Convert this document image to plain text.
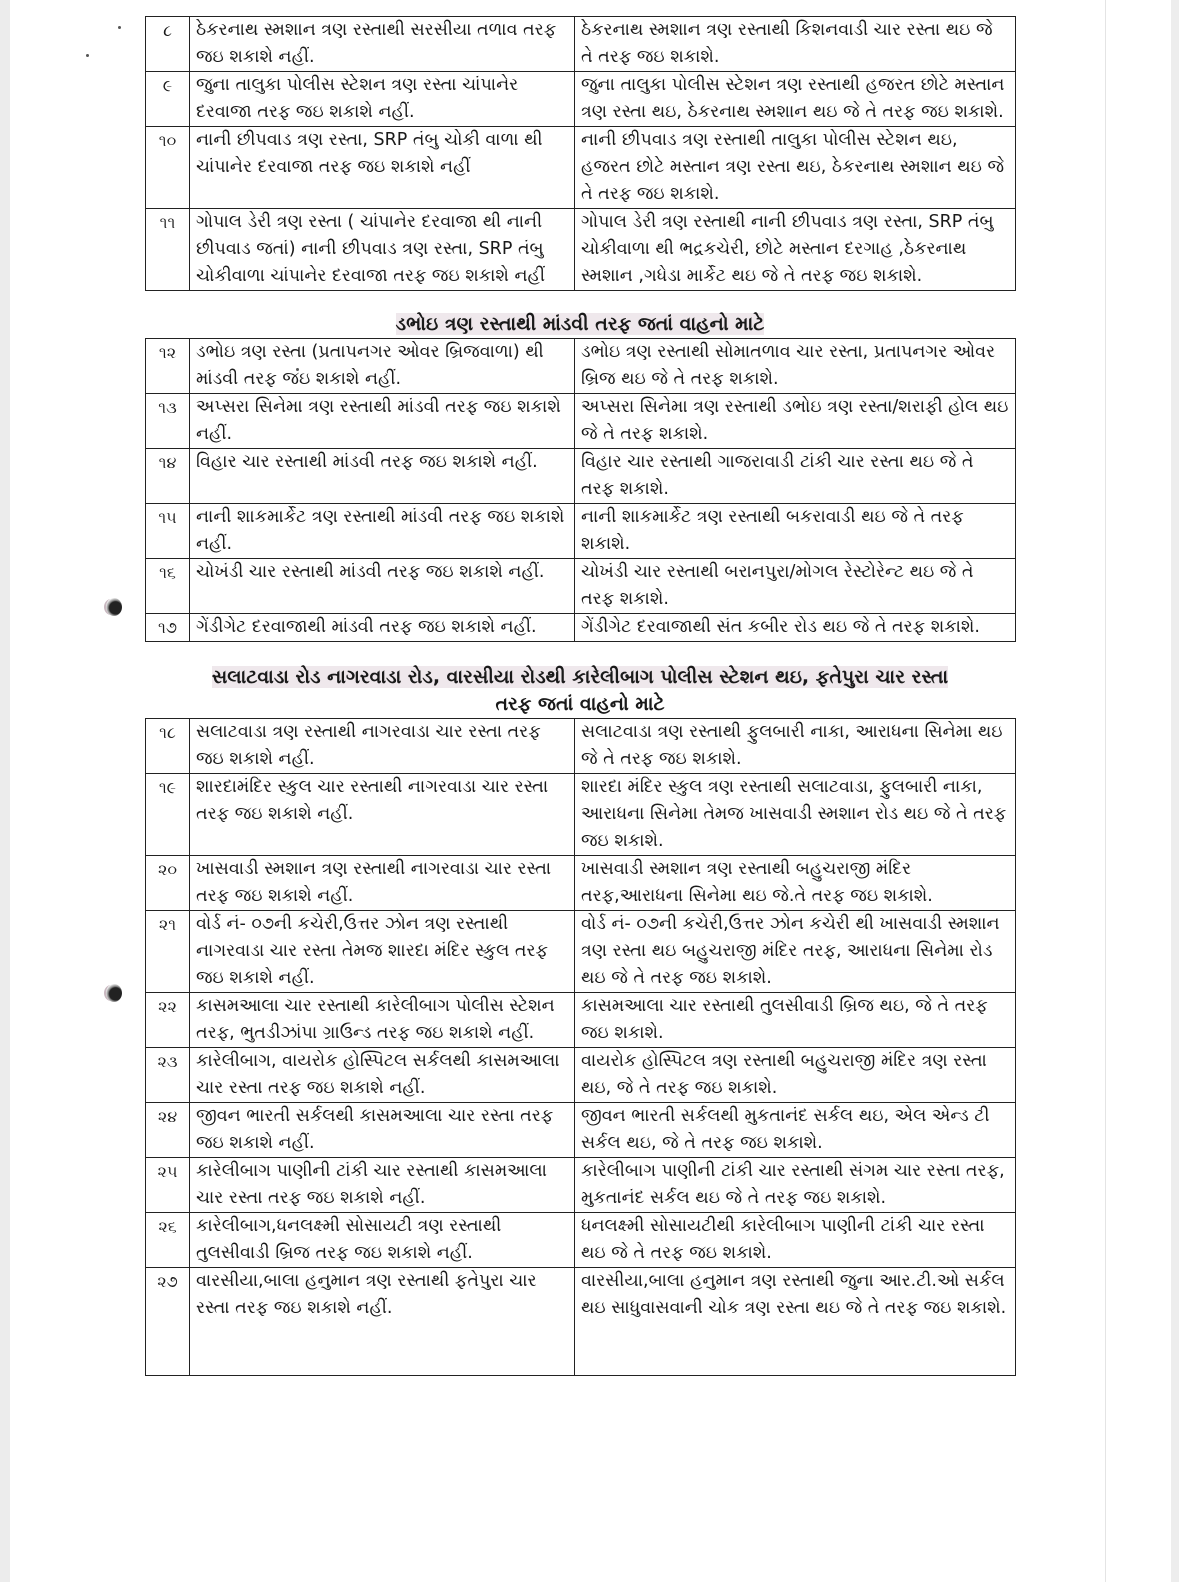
૮	ઠેકરનાથ સ્મશાન ત્રણ રસ્તાથી સરસીયા તળાવ તરફ જઇ શકાશે નહીં.	ઠેકરનાથ સ્મશાન ત્રણ રસ્તાથી કિશનવાડી ચાર રસ્તા થઇ જે તે તરફ જઇ શકાશે.
૯	જુના તાલુકા પોલીસ સ્ટેશન ત્રણ રસ્તા ચાંપાનેર દરવાજા તરફ જઇ શકાશે નહીં.	જુના તાલુકા પોલીસ સ્ટેશન ત્રણ રસ્તાથી હજરત છોટે મસ્તાન ત્રણ રસ્તા થઇ, ઠેકરનાથ સ્મશાન થઇ જે તે તરફ જઇ શકાશે.
૧૦	નાની છીપવાડ ત્રણ રસ્તા, SRP તંબુ ચોકી વાળા થી ચાંપાનેર દરવાજા તરફ જઇ શકાશે નહીં	નાની છીપવાડ ત્રણ રસ્તાથી તાલુકા પોલીસ સ્ટેશન થઇ, હજરત છોટે મસ્તાન ત્રણ રસ્તા થઇ, ઠેકરનાથ સ્મશાન થઇ જે તે તરફ જઇ શકાશે.
૧૧	ગોપાલ ડેરી ત્રણ રસ્તા ( ચાંપાનેર દરવાજા થી નાની છીપવાડ જતાં) નાની છીપવાડ ત્રણ રસ્તા, SRP તંબુ ચોકીવાળા ચાંપાનેર દરવાજા તરફ જઇ શકાશે નહીં	ગોપાલ ડેરી ત્રણ રસ્તાથી નાની છીપવાડ ત્રણ રસ્તા, SRP તંબુ ચોકીવાળા થી ભદ્રકચેરી, છોટે મસ્તાન દરગાહ ,ઠેકરનાથ સ્મશાન ,ગધેડા માર્કેટ થઇ જે તે તરફ જઇ શકાશે.

ડભોઇ ત્રણ રસ્તાથી માંડવી તરફ જતાં વાહનો માટે

૧૨	ડભોઇ ત્રણ રસ્તા (પ્રતાપનગર ઓવર બ્રિજવાળા) થી માંડવી તરફ જઇ શકાશે નહીં.	ડભોઇ ત્રણ રસ્તાથી સોમાતળાવ ચાર રસ્તા, પ્રતાપનગર ઓવર બ્રિજ થઇ જે તે તરફ શકાશે.
૧૩	અપ્સરા સિનેમા ત્રણ રસ્તાથી માંડવી તરફ જઇ શકાશે નહીં.	અપ્સરા સિનેમા ત્રણ રસ્તાથી ડભોઇ ત્રણ રસ્તા/શરાફી હોલ થઇ જે તે તરફ શકાશે.
૧૪	વિહાર ચાર રસ્તાથી માંડવી તરફ જઇ શકાશે નહીં.	વિહાર ચાર રસ્તાથી ગાજરાવાડી ટાંકી ચાર રસ્તા થઇ જે તે તરફ શકાશે.
૧૫	નાની શાકમાર્કેટ ત્રણ રસ્તાથી માંડવી તરફ જઇ શકાશે નહીં.	નાની શાકમાર્કેટ ત્રણ રસ્તાથી બકરાવાડી થઇ જે તે તરફ શકાશે.
૧૬	ચોખંડી ચાર રસ્તાથી માંડવી તરફ જઇ શકાશે નહીં.	ચોખંડી ચાર રસ્તાથી બરાનપુરા/મોગલ રેસ્ટોરેન્ટ થઇ જે તે તરફ શકાશે.
૧૭	ગેંડીગેટ દરવાજાથી માંડવી તરફ જઇ શકાશે નહીં.	ગેંડીગેટ દરવાજાથી સંત કબીર રોડ થઇ જે તે તરફ શકાશે.

સલાટવાડા રોડ નાગરવાડા રોડ, વારસીયા રોડથી કારેલીબાગ પોલીસ સ્ટેશન થઇ, ફતેપુરા ચાર રસ્તા

તરફ જતાં વાહનો માટે

૧૮	સલાટવાડા ત્રણ રસ્તાથી નાગરવાડા ચાર રસ્તા તરફ જઇ શકાશે નહીં.	સલાટવાડા ત્રણ રસ્તાથી ફુલબારી નાકા, આરાધના સિનેમા થઇ જે તે તરફ જઇ શકાશે.
૧૯	શારદામંદિર સ્કુલ ચાર રસ્તાથી નાગરવાડા ચાર રસ્તા તરફ જઇ શકાશે નહીં.	શારદા મંદિર સ્કુલ ત્રણ રસ્તાથી સલાટવાડા, ફુલબારી નાકા, આરાધના સિનેમા તેમજ ખાસવાડી સ્મશાન રોડ થઇ જે તે તરફ જઇ શકાશે.
૨૦	ખાસવાડી સ્મશાન ત્રણ રસ્તાથી નાગરવાડા ચાર રસ્તા તરફ જઇ શકાશે નહીં.	ખાસવાડી સ્મશાન ત્રણ રસ્તાથી બહુચરાજી મંદિર તરફ,આરાધના સિનેમા થઇ જે.તે તરફ જઇ શકાશે.
૨૧	વોર્ડ નં- ૦૭ની કચેરી,ઉત્તર ઝોન ત્રણ રસ્તાથી નાગરવાડા ચાર રસ્તા તેમજ શારદા મંદિર સ્કુલ તરફ જઇ શકાશે નહીં.	વોર્ડ નં- ૦૭ની કચેરી,ઉત્તર ઝોન કચેરી થી ખાસવાડી સ્મશાન ત્રણ રસ્તા થઇ બહુચરાજી મંદિર તરફ, આરાધના સિનેમા રોડ થઇ જે તે તરફ જઇ શકાશે.
૨૨	કાસમઆલા ચાર રસ્તાથી કારેલીબાગ પોલીસ સ્ટેશન તરફ, ભુતડીઝાંપા ગ્રાઉન્ડ તરફ જઇ શકાશે નહીં.	કાસમઆલા ચાર રસ્તાથી તુલસીવાડી બ્રિજ થઇ, જે તે તરફ જઇ શકાશે.
૨૩	કારેલીબાગ, વાયરોક હોસ્પિટલ સર્કલથી કાસમઆલા ચાર રસ્તા તરફ જઇ શકાશે નહીં.	વાયરોક હોસ્પિટલ ત્રણ રસ્તાથી બહુચરાજી મંદિર ત્રણ રસ્તા થઇ, જે તે તરફ જઇ શકાશે.
૨૪	જીવન ભારતી સર્કલથી કાસમઆલા ચાર રસ્તા તરફ જઇ શકાશે નહીં.	જીવન ભારતી સર્કલથી મુકતાનંદ સર્કલ થઇ, એલ એન્ડ ટી સર્કલ થઇ, જે તે તરફ જઇ શકાશે.
૨૫	કારેલીબાગ પાણીની ટાંકી ચાર રસ્તાથી કાસમઆલા ચાર રસ્તા તરફ જઇ શકાશે નહીં.	કારેલીબાગ પાણીની ટાંકી ચાર રસ્તાથી સંગમ ચાર રસ્તા તરફ, મુકતાનંદ સર્કલ થઇ જે તે તરફ જઇ શકાશે.
૨૬	કારેલીબાગ,ધનલક્ષ્મી સોસાયટી ત્રણ રસ્તાથી તુલસીવાડી બ્રિજ તરફ જઇ શકાશે નહીં.	ધનલક્ષ્મી સોસાયટીથી કારેલીબાગ પાણીની ટાંકી ચાર રસ્તા થઇ જે તે તરફ જઇ શકાશે.
૨૭	વારસીયા,બાલા હનુમાન ત્રણ રસ્તાથી ફતેપુરા ચાર રસ્તા તરફ જઇ શકાશે નહીં.	વારસીયા,બાલા હનુમાન ત્રણ રસ્તાથી જુના આર.ટી.ઓ સર્કલ થઇ સાધુવાસવાની ચોક ત્રણ રસ્તા થઇ જે તે તરફ જઇ શકાશે.
